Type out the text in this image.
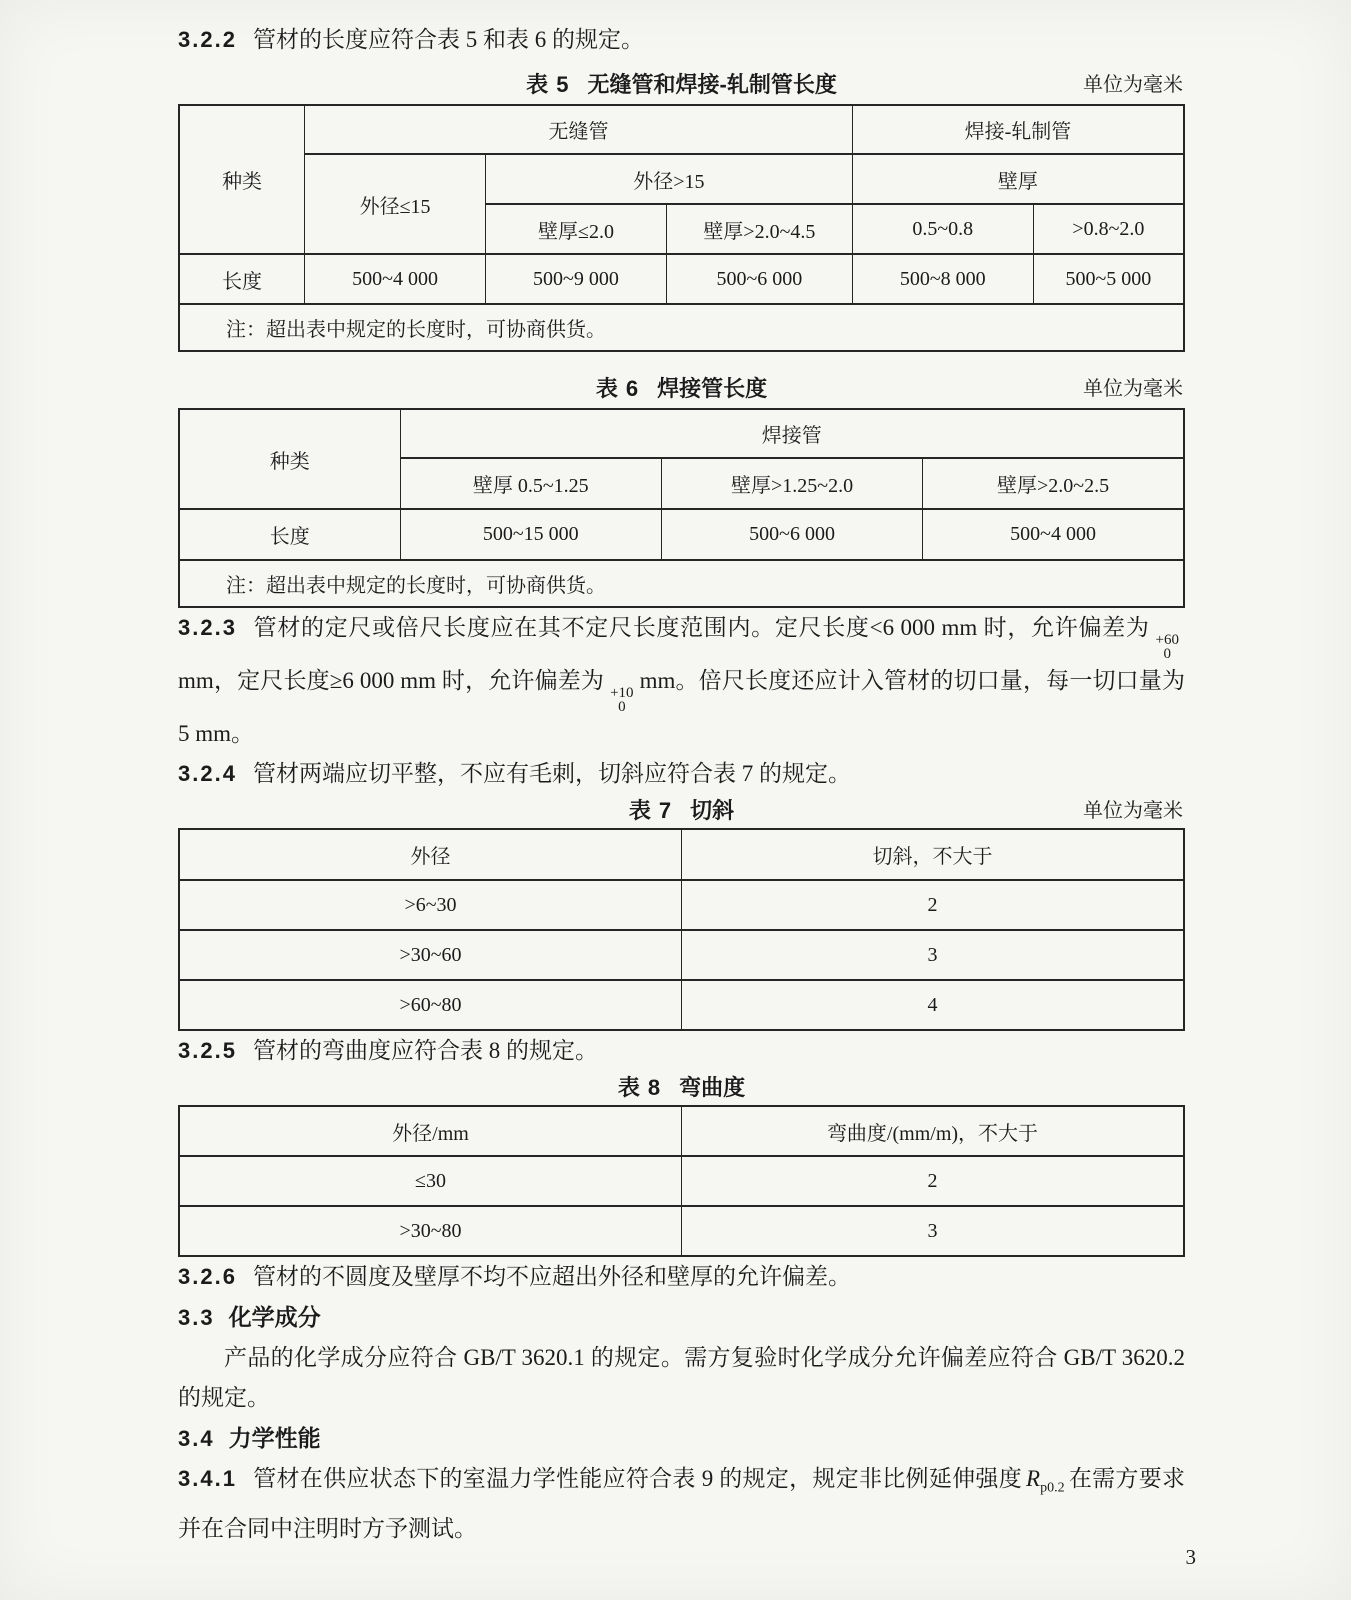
3.2.2 管材的长度应符合表 5 和表 6 的规定。

表 5 无缝管和焊接-轧制管长度	单位为毫米
种类	无缝管			焊接-轧制管	
	外径≤15	外径>15		壁厚	
		壁厚≤2.0	壁厚>2.0~4.5	0.5~0.8	>0.8~2.0
长度	500~4 000	500~9 000	500~6 000	500~8 000	500~5 000
注：超出表中规定的长度时，可协商供货。					
表 6 焊接管长度	单位为毫米
种类	焊接管		
	壁厚 0.5~1.25	壁厚>1.25~2.0	壁厚>2.0~2.5
长度	500~15 000	500~6 000	500~4 000
注：超出表中规定的长度时，可协商供货。			

3.2.3 管材的定尺或倍尺长度应在其不定尺长度范围内。定尺长度<6 000 mm 时，允许偏差为 +60
0
mm，定尺长度≥6 000 mm 时，允许偏差为 +10
0
mm。倍尺长度还应计入管材的切口量，每一切口量为 5 mm。

3.2.4 管材两端应切平整，不应有毛刺，切斜应符合表 7 的规定。

表 7 切斜	单位为毫米
外径	切斜，不大于
>6~30	2
>30~60	3
>60~80	4

3.2.5 管材的弯曲度应符合表 8 的规定。

表 8 弯曲度
外径/mm	弯曲度/(mm/m)，不大于
≤30	2
>30~80	3

3.2.6 管材的不圆度及壁厚不均不应超出外径和壁厚的允许偏差。

3.3 化学成分

产品的化学成分应符合 GB/T 3620.1 的规定。需方复验时化学成分允许偏差应符合 GB/T 3620.2 的规定。

3.4 力学性能

3.4.1 管材在供应状态下的室温力学性能应符合表 9 的规定，规定非比例延伸强度 $R_{p0.2}$ 在需方要求并在合同中注明时方予测试。

3
